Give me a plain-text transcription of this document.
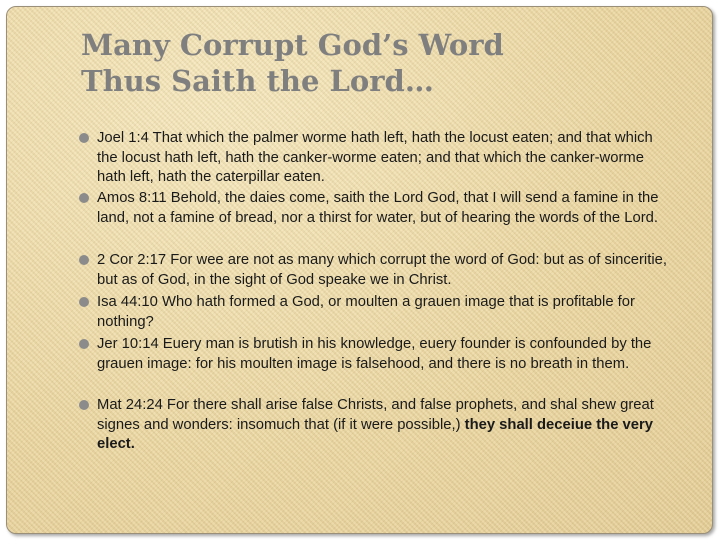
Many Corrupt God’s Word
Thus Saith the Lord…
Joel 1:4 That which the palmer worme hath left, hath the locust eaten; and that which the locust hath left, hath the canker-worme eaten; and that which the canker-worme hath left, hath the caterpillar eaten.
Amos 8:11 Behold, the daies come, saith the Lord God, that I will send a famine in the land, not a famine of bread, nor a thirst for water, but of hearing the words of the Lord.
2 Cor 2:17 For wee are not as many which corrupt the word of God: but as of sinceritie, but as of God, in the sight of God speake we in Christ.
Isa 44:10 Who hath formed a God, or moulten a grauen image that is profitable for nothing?
Jer 10:14 Euery man is brutish in his knowledge, euery founder is confounded by the grauen image: for his moulten image is falsehood, and there is no breath in them.
Mat 24:24 For there shall arise false Christs, and false prophets, and shal shew great signes and wonders: insomuch that (if it were possible,) they shall deceiue the very elect.
